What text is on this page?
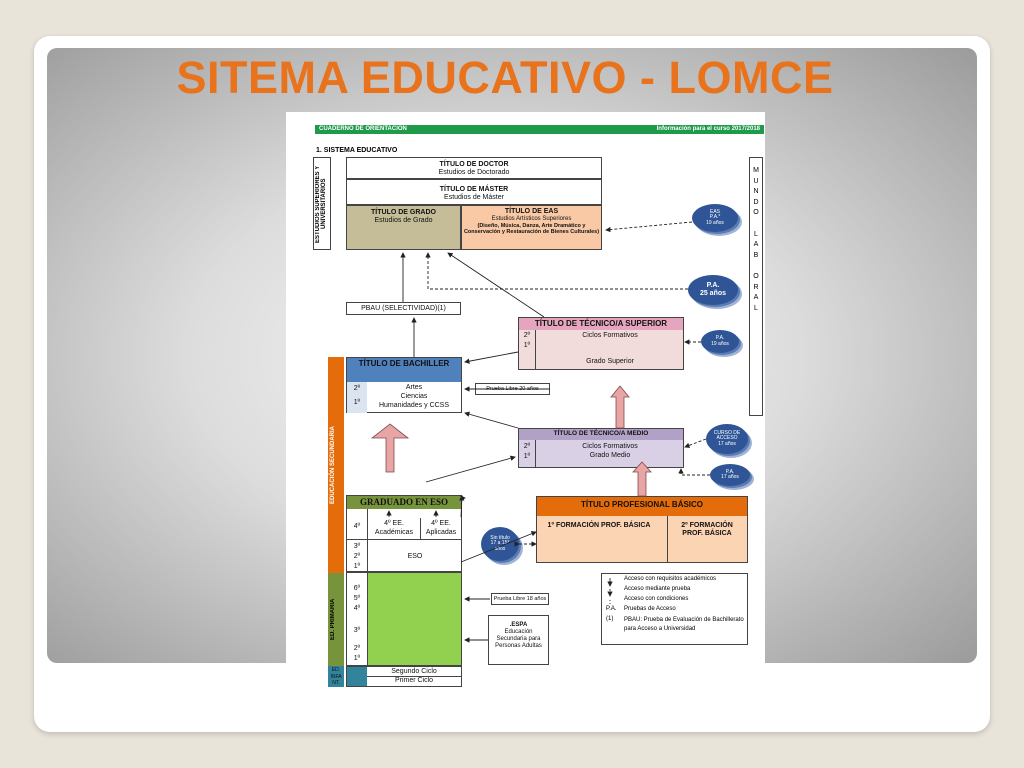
SITEMA EDUCATIVO - LOMCE
CUADERNO DE ORIENTACIÓN	Información para el curso 2017/2018
1. SISTEMA EDUCATIVO
ESTUDIOS SUPERIORES Y UNIVERSITARIOS
TÍTULO DE DOCTOR
Estudios de Doctorado
TÍTULO DE MÁSTER
Estudios de Máster
TÍTULO DE GRADO
Estudios de Grado
TÍTULO DE EAS
Estudios Artísticos Superiores
(Diseño, Música, Danza, Arte Dramático y Conservación y Restauración de Bienes Culturales)
M
U
N
D
O

L
A
B

O
R
A
L
PBAU (SELECTIVIDAD)(1)
TÍTULO DE TÉCNICO/A SUPERIOR
2º
1º
Ciclos Formativos
Grado Superior
EDUCACIÓN SECUNDARIA
TÍTULO DE BACHILLER
2º
1º
Artes
Ciencias
Humanidades y CCSS
Prueba Libre 20 años
TÍTULO DE TÉCNICO/A MEDIO
2º
1º
Ciclos Formativos
Grado Medio
GRADUADO EN ESO
4º
3º
2º
1º
4º EE.
Académicas
4º EE.
Aplicadas
ESO
TÍTULO PROFESIONAL BÁSICO
1º FORMACIÓN PROF. BÁSICA	2º FORMACIÓN PROF. BÁSICA
ED. PRIMARIA
6º
5º
4º
3º
2º
1º
Prueba Libre 18 años
.ESPA
Educación
Secundaria para
Personas Adultas
ED. INFA NT.
Segundo Ciclo
Primer Ciclo
Acceso con requisitos académicos
Acceso mediante prueba
Acceso con condiciones
P.A. Pruebas de Acceso
(1) PBAU: Prueba de Evaluación de Bachillerato para Acceso a Universidad
EAS
P.A.*
19 años
P.A.
25 años
P.A.
19 años
CURSO DE
ACCESO
17 años
P.A.
17 años
Sin título
17 a 15*
años
